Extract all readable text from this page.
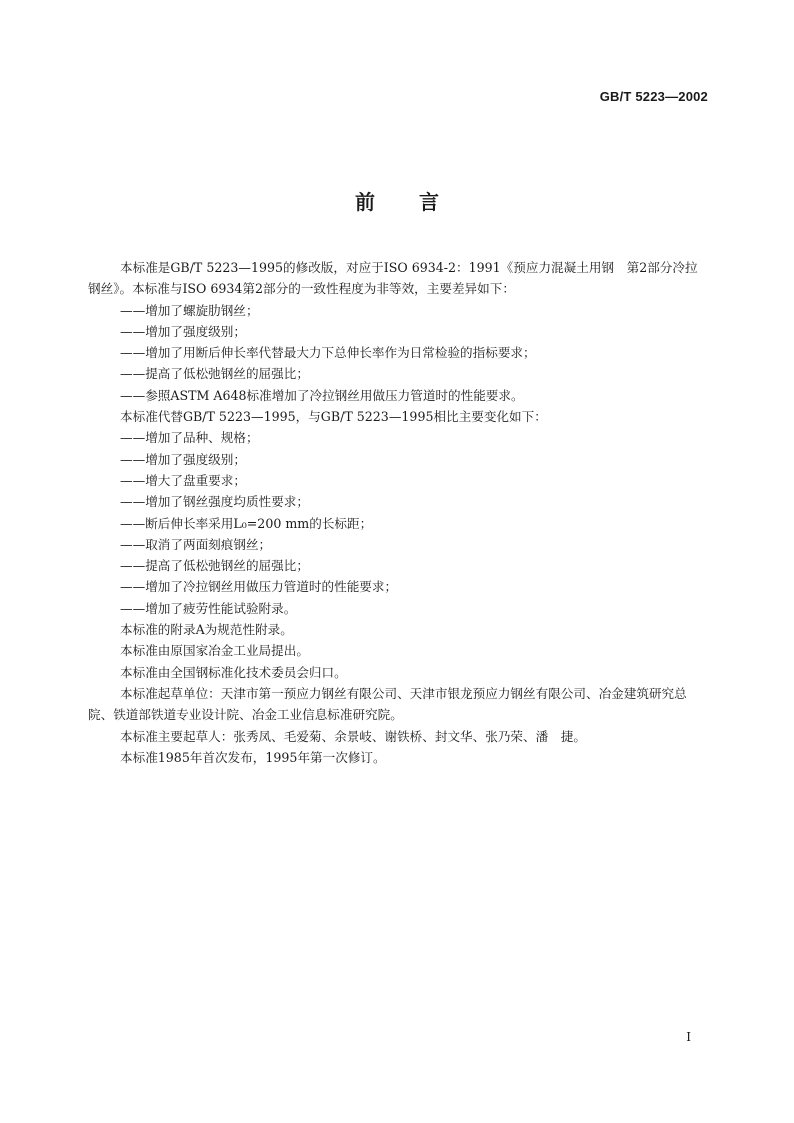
GB/T 5223—2002
前言

本标准是GB/T 5223—1995的修改版，对应于ISO 6934-2：1991《预应力混凝土用钢　第2部分冷拉钢丝》。本标准与ISO 6934第2部分的一致性程度为非等效，主要差异如下：

——增加了螺旋肋钢丝；

——增加了强度级别；

——增加了用断后伸长率代替最大力下总伸长率作为日常检验的指标要求；

——提高了低松弛钢丝的屈强比；

——参照ASTM A648标准增加了冷拉钢丝用做压力管道时的性能要求。

本标准代替GB/T 5223—1995，与GB/T 5223—1995相比主要变化如下：

——增加了品种、规格；

——增加了强度级别；

——增大了盘重要求；

——增加了钢丝强度均质性要求；

——断后伸长率采用L₀=200 mm的长标距；

——取消了两面刻痕钢丝；

——提高了低松弛钢丝的屈强比；

——增加了冷拉钢丝用做压力管道时的性能要求；

——增加了疲劳性能试验附录。

本标准的附录A为规范性附录。

本标准由原国家冶金工业局提出。

本标准由全国钢标准化技术委员会归口。

本标准起草单位：天津市第一预应力钢丝有限公司、天津市银龙预应力钢丝有限公司、冶金建筑研究总院、铁道部铁道专业设计院、冶金工业信息标准研究院。

本标准主要起草人：张秀凤、毛爱菊、余景岐、谢铁桥、封文华、张乃荣、潘　捷。

本标准1985年首次发布，1995年第一次修订。

I
